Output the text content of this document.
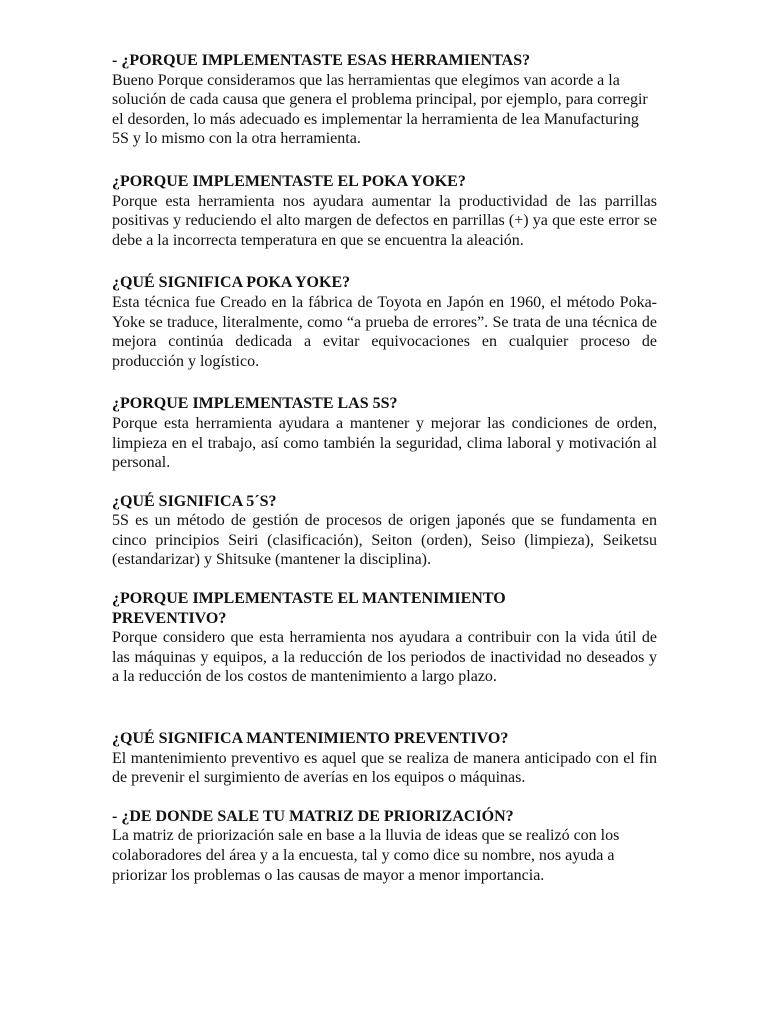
- ¿PORQUE IMPLEMENTASTE ESAS HERRAMIENTAS?

Bueno Porque consideramos que las herramientas que elegimos van acorde a la solución de cada causa que genera el problema principal, por ejemplo, para corregir el desorden, lo más adecuado es implementar la herramienta de lea Manufacturing 5S y lo mismo con la otra herramienta.

¿PORQUE IMPLEMENTASTE EL POKA YOKE?

Porque esta herramienta nos ayudara aumentar la productividad de las parrillas positivas y reduciendo el alto margen de defectos en parrillas (+) ya que este error se debe a la incorrecta temperatura en que se encuentra la aleación.

¿QUÉ SIGNIFICA POKA YOKE?

Esta técnica fue Creado en la fábrica de Toyota en Japón en 1960, el método Poka-Yoke se traduce, literalmente, como “a prueba de errores”. Se trata de una técnica de mejora continúa dedicada a evitar equivocaciones en cualquier proceso de producción y logístico.

¿PORQUE IMPLEMENTASTE LAS 5S?

Porque esta herramienta ayudara a mantener y mejorar las condiciones de orden, limpieza en el trabajo, así como también la seguridad, clima laboral y motivación al personal.

¿QUÉ SIGNIFICA 5´S?

5S es un método de gestión de procesos de origen japonés que se fundamenta en cinco principios Seiri (clasificación), Seiton (orden), Seiso (limpieza), Seiketsu (estandarizar) y Shitsuke (mantener la disciplina).

¿PORQUE IMPLEMENTASTE EL MANTENIMIENTO PREVENTIVO?

Porque considero que esta herramienta nos ayudara a contribuir con la vida útil de las máquinas y equipos, a la reducción de los periodos de inactividad no deseados y a la reducción de los costos de mantenimiento a largo plazo.

¿QUÉ SIGNIFICA MANTENIMIENTO PREVENTIVO?

El mantenimiento preventivo es aquel que se realiza de manera anticipado con el fin de prevenir el surgimiento de averías en los equipos o máquinas.

- ¿DE DONDE SALE TU MATRIZ DE PRIORIZACIÓN?

La matriz de priorización sale en base a la lluvia de ideas que se realizó con los colaboradores del área y a la encuesta, tal y como dice su nombre, nos ayuda a priorizar los problemas o las causas de mayor a menor importancia.
